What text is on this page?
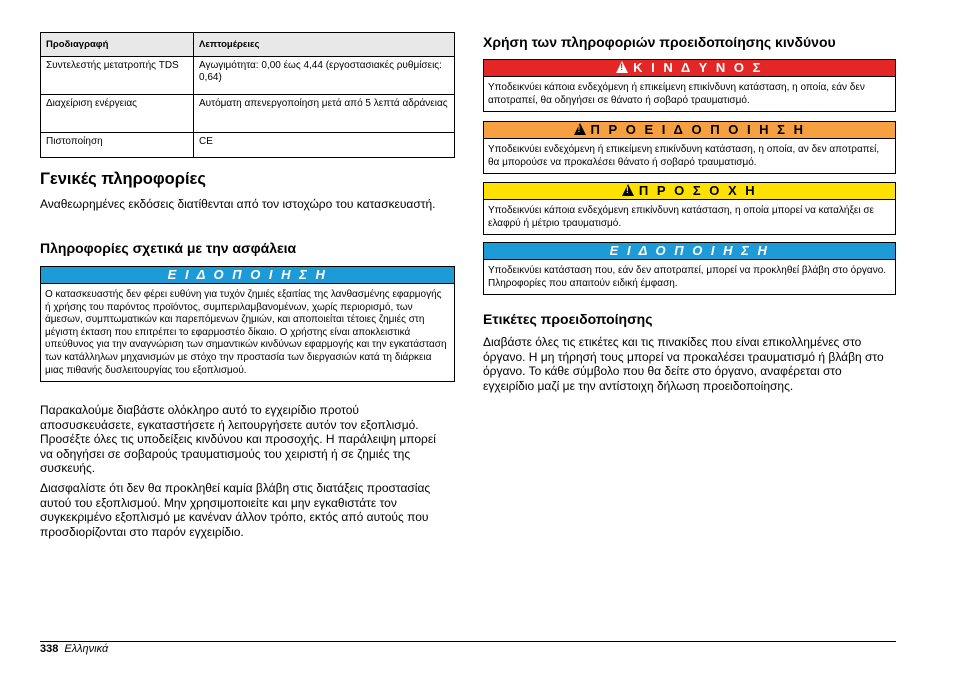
Προδιαγραφή	Λεπτομέρειες
Συντελεστής μετατροπής TDS	Αγωγιμότητα: 0,00 έως 4,44 (εργοστασιακές ρυθμίσεις: 0,64)
Διαχείριση ενέργειας	Αυτόματη απενεργοποίηση μετά από 5 λεπτά αδράνειας
Πιστοποίηση	CE
Γενικές πληροφορίες

Αναθεωρημένες εκδόσεις διατίθενται από τον ιστοχώρο του κατασκευαστή.

Πληροφορίες σχετικά με την ασφάλεια
Ε Ι Δ Ο Π Ο Ι Η Σ Η
Ο κατασκευαστής δεν φέρει ευθύνη για τυχόν ζημιές εξαιτίας της λανθασμένης εφαρμογής ή χρήσης του παρόντος προϊόντος, συμπεριλαμβανομένων, χωρίς περιορισμό, των άμεσων, συμπτωματικών και παρεπόμενων ζημιών, και αποποιείται τέτοιες ζημιές στη μέγιστη έκταση που επιτρέπει το εφαρμοστέο δίκαιο. Ο χρήστης είναι αποκλειστικά υπεύθυνος για την αναγνώριση των σημαντικών κινδύνων εφαρμογής και την εγκατάσταση των κατάλληλων μηχανισμών με στόχο την προστασία των διεργασιών κατά τη διάρκεια μιας πιθανής δυσλειτουργίας του εξοπλισμού.

Παρακαλούμε διαβάστε ολόκληρο αυτό το εγχειρίδιο προτού αποσυσκευάσετε, εγκαταστήσετε ή λειτουργήσετε αυτόν τον εξοπλισμό. Προσέξτε όλες τις υποδείξεις κινδύνου και προσοχής. Η παράλειψη μπορεί να οδηγήσει σε σοβαρούς τραυματισμούς του χειριστή ή σε ζημιές της συσκευής.

Διασφαλίστε ότι δεν θα προκληθεί καμία βλάβη στις διατάξεις προστασίας αυτού του εξοπλισμού. Μην χρησιμοποιείτε και μην εγκαθιστάτε τον συγκεκριμένο εξοπλισμό με κανέναν άλλον τρόπο, εκτός από αυτούς που προσδιορίζονται στο παρόν εγχειρίδιο.

Χρήση των πληροφοριών προειδοποίησης κινδύνου
!Κ Ι Ν Δ Υ Ν Ο Σ
Υποδεικνύει κάποια ενδεχόμενη ή επικείμενη επικίνδυνη κατάσταση, η οποία, εάν δεν αποτραπεί, θα οδηγήσει σε θάνατο ή σοβαρό τραυματισμό.
!Π Ρ Ο Ε Ι Δ Ο Π Ο Ι Η Σ Η
Υποδεικνύει ενδεχόμενη ή επικείμενη επικίνδυνη κατάσταση, η οποία, αν δεν αποτραπεί, θα μπορούσε να προκαλέσει θάνατο ή σοβαρό τραυματισμό.
!Π Ρ Ο Σ Ο Χ Η
Υποδεικνύει κάποια ενδεχόμενη επικίνδυνη κατάσταση, η οποία μπορεί να καταλήξει σε ελαφρύ ή μέτριο τραυματισμό.
Ε Ι Δ Ο Π Ο Ι Η Σ Η
Υποδεικνύει κατάσταση που, εάν δεν αποτραπεί, μπορεί να προκληθεί βλάβη στο όργανο. Πληροφορίες που απαιτούν ειδική έμφαση.
Ετικέτες προειδοποίησης

Διαβάστε όλες τις ετικέτες και τις πινακίδες που είναι επικολλημένες στο όργανο. Η μη τήρησή τους μπορεί να προκαλέσει τραυματισμό ή βλάβη στο όργανο. Το κάθε σύμβολο που θα δείτε στο όργανο, αναφέρεται στο εγχειρίδιο μαζί με την αντίστοιχη δήλωση προειδοποίησης.

338 Ελληνικά
